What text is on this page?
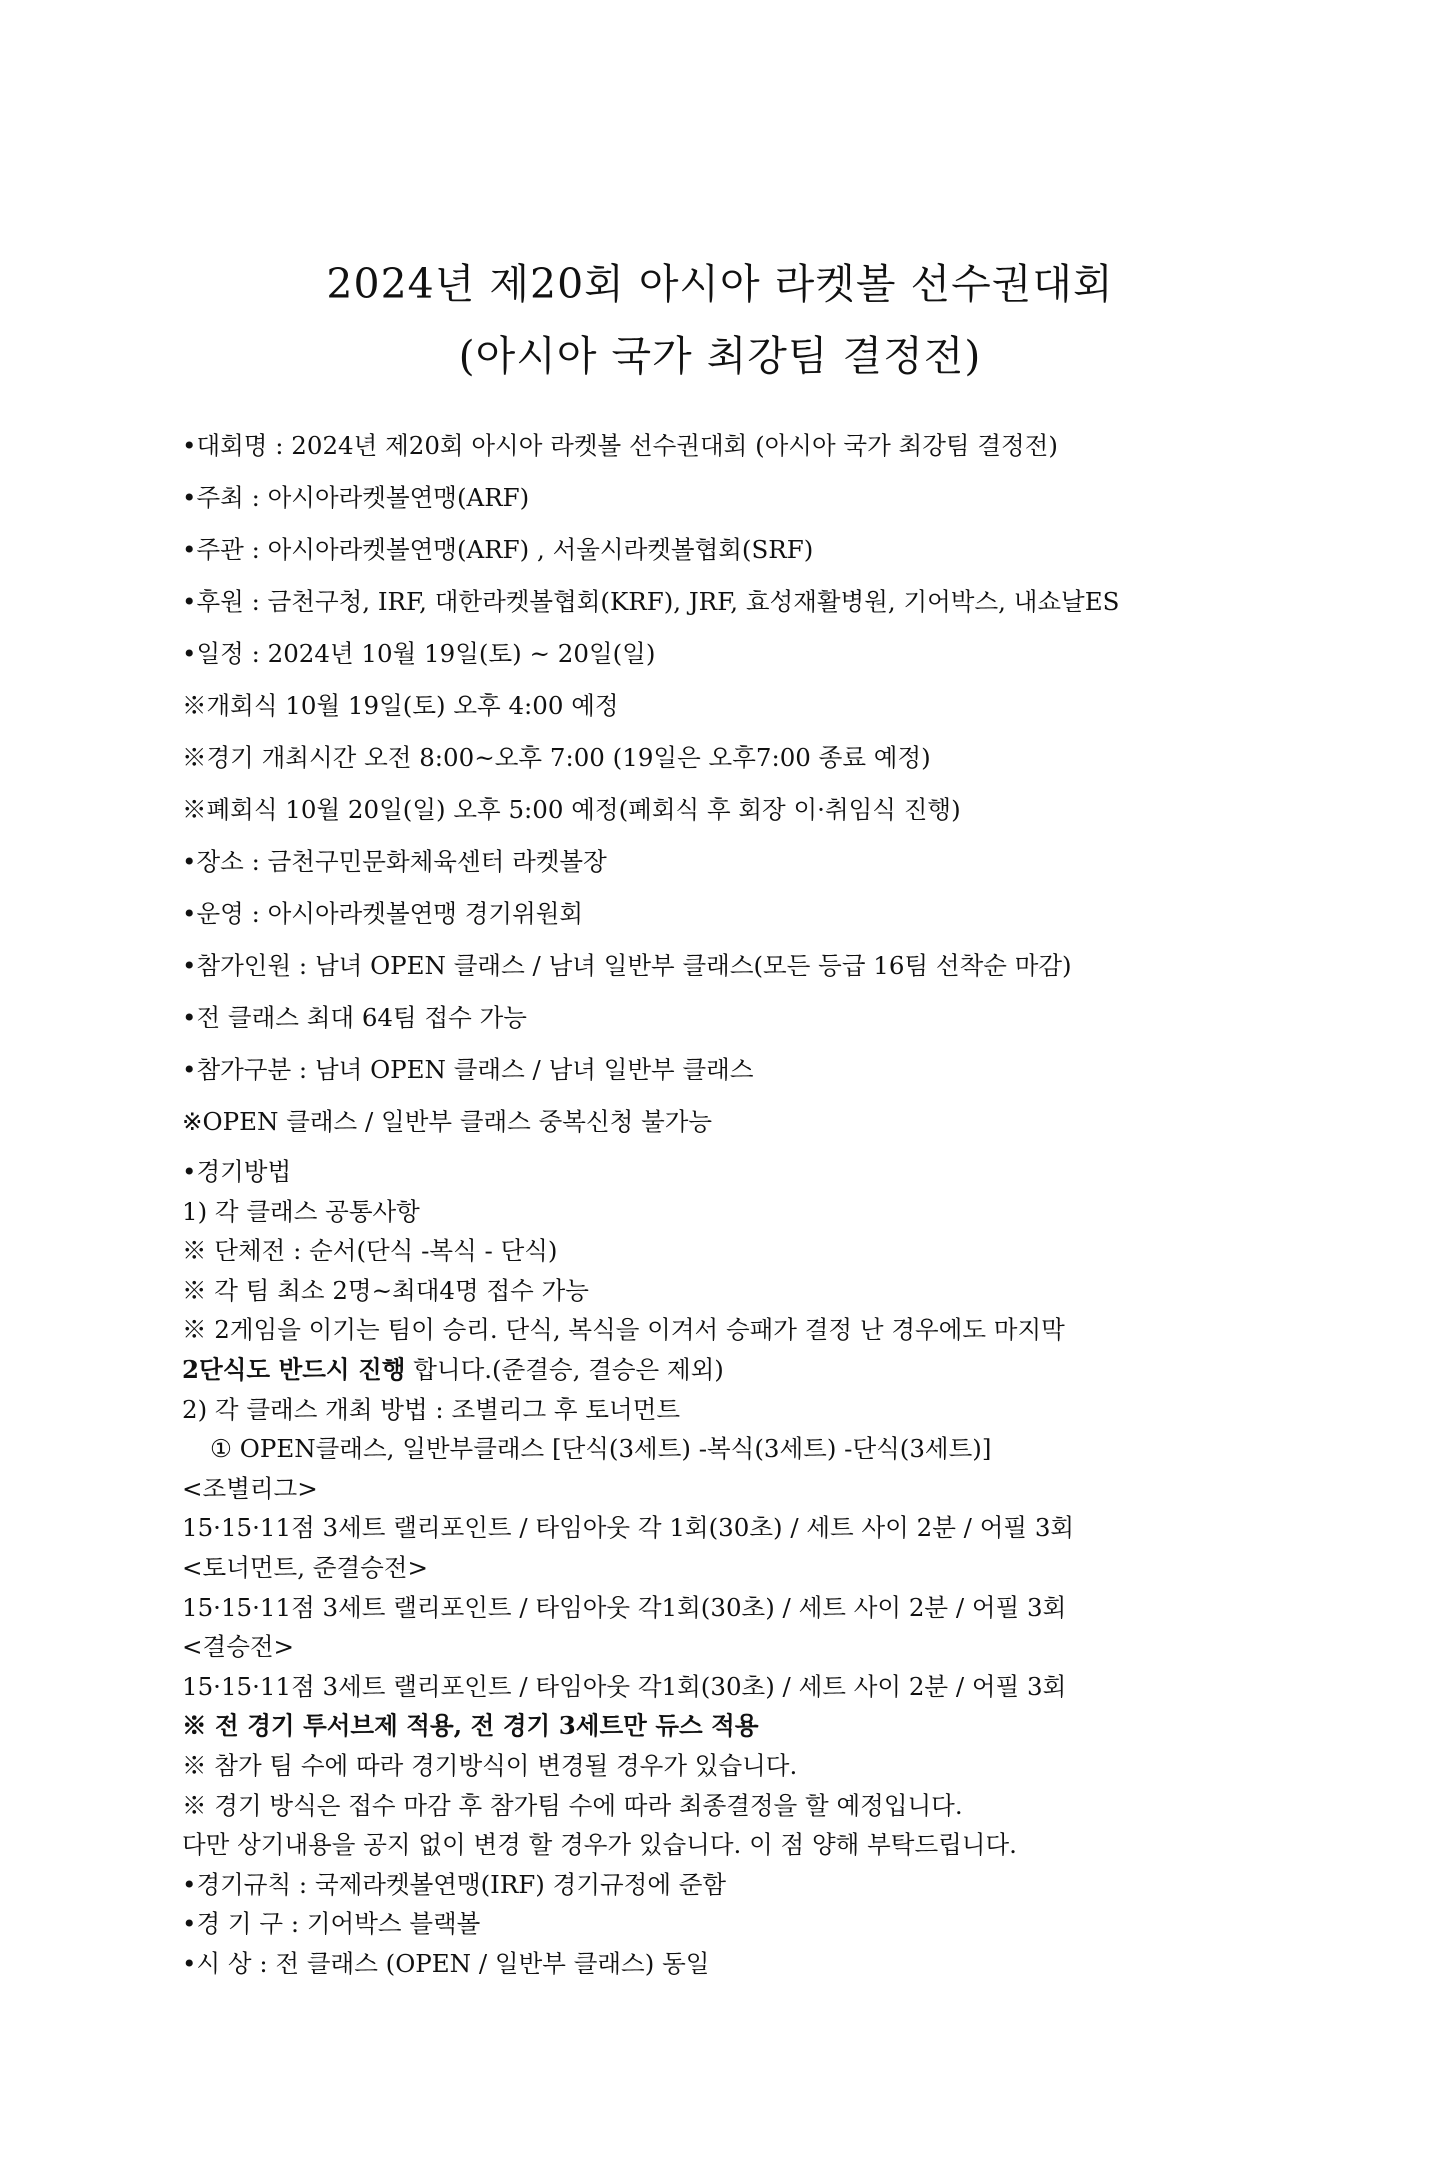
2024년 제20회 아시아 라켓볼 선수권대회
(아시아 국가 최강팀 결정전)
•대회명 : 2024년 제20회 아시아 라켓볼 선수권대회 (아시아 국가 최강팀 결정전)
•주최 : 아시아라켓볼연맹(ARF)
•주관 : 아시아라켓볼연맹(ARF) , 서울시라켓볼협회(SRF)
•후원 : 금천구청, IRF, 대한라켓볼협회(KRF), JRF, 효성재활병원, 기어박스, 내쇼날ES
•일정 : 2024년 10월 19일(토) ~ 20일(일)
※개회식 10월 19일(토) 오후 4:00 예정
※경기 개최시간 오전 8:00~오후 7:00 (19일은 오후7:00 종료 예정)
※폐회식 10월 20일(일) 오후 5:00 예정(폐회식 후 회장 이·취임식 진행)
•장소 : 금천구민문화체육센터 라켓볼장
•운영 : 아시아라켓볼연맹 경기위원회
•참가인원 : 남녀 OPEN 클래스 / 남녀 일반부 클래스(모든 등급 16팀 선착순 마감)
•전 클래스 최대 64팀 접수 가능
•참가구분 : 남녀 OPEN 클래스 / 남녀 일반부 클래스
※OPEN 클래스 / 일반부 클래스 중복신청 불가능
•경기방법
1) 각 클래스 공통사항
※ 단체전 : 순서(단식 -복식 - 단식)
※ 각 팀 최소 2명~최대4명 접수 가능
※ 2게임을 이기는 팀이 승리. 단식, 복식을 이겨서 승패가 결정 난 경우에도 마지막
2단식도 반드시 진행 합니다.(준결승, 결승은 제외)
2) 각 클래스 개최 방법 : 조별리그 후 토너먼트
① OPEN클래스, 일반부클래스 [단식(3세트) -복식(3세트) -단식(3세트)]
<조별리그>
15·15·11점 3세트 랠리포인트 / 타임아웃 각 1회(30초) / 세트 사이 2분 / 어필 3회
<토너먼트, 준결승전>
15·15·11점 3세트 랠리포인트 / 타임아웃 각1회(30초) / 세트 사이 2분 / 어필 3회
<결승전>
15·15·11점 3세트 랠리포인트 / 타임아웃 각1회(30초) / 세트 사이 2분 / 어필 3회
※ 전 경기 투서브제 적용, 전 경기 3세트만 듀스 적용
※ 참가 팀 수에 따라 경기방식이 변경될 경우가 있습니다.
※ 경기 방식은 접수 마감 후 참가팀 수에 따라 최종결정을 할 예정입니다.
다만 상기내용을 공지 없이 변경 할 경우가 있습니다. 이 점 양해 부탁드립니다.
•경기규칙 : 국제라켓볼연맹(IRF) 경기규정에 준함
•경 기 구 : 기어박스 블랙볼
•시 상 : 전 클래스 (OPEN / 일반부 클래스) 동일
